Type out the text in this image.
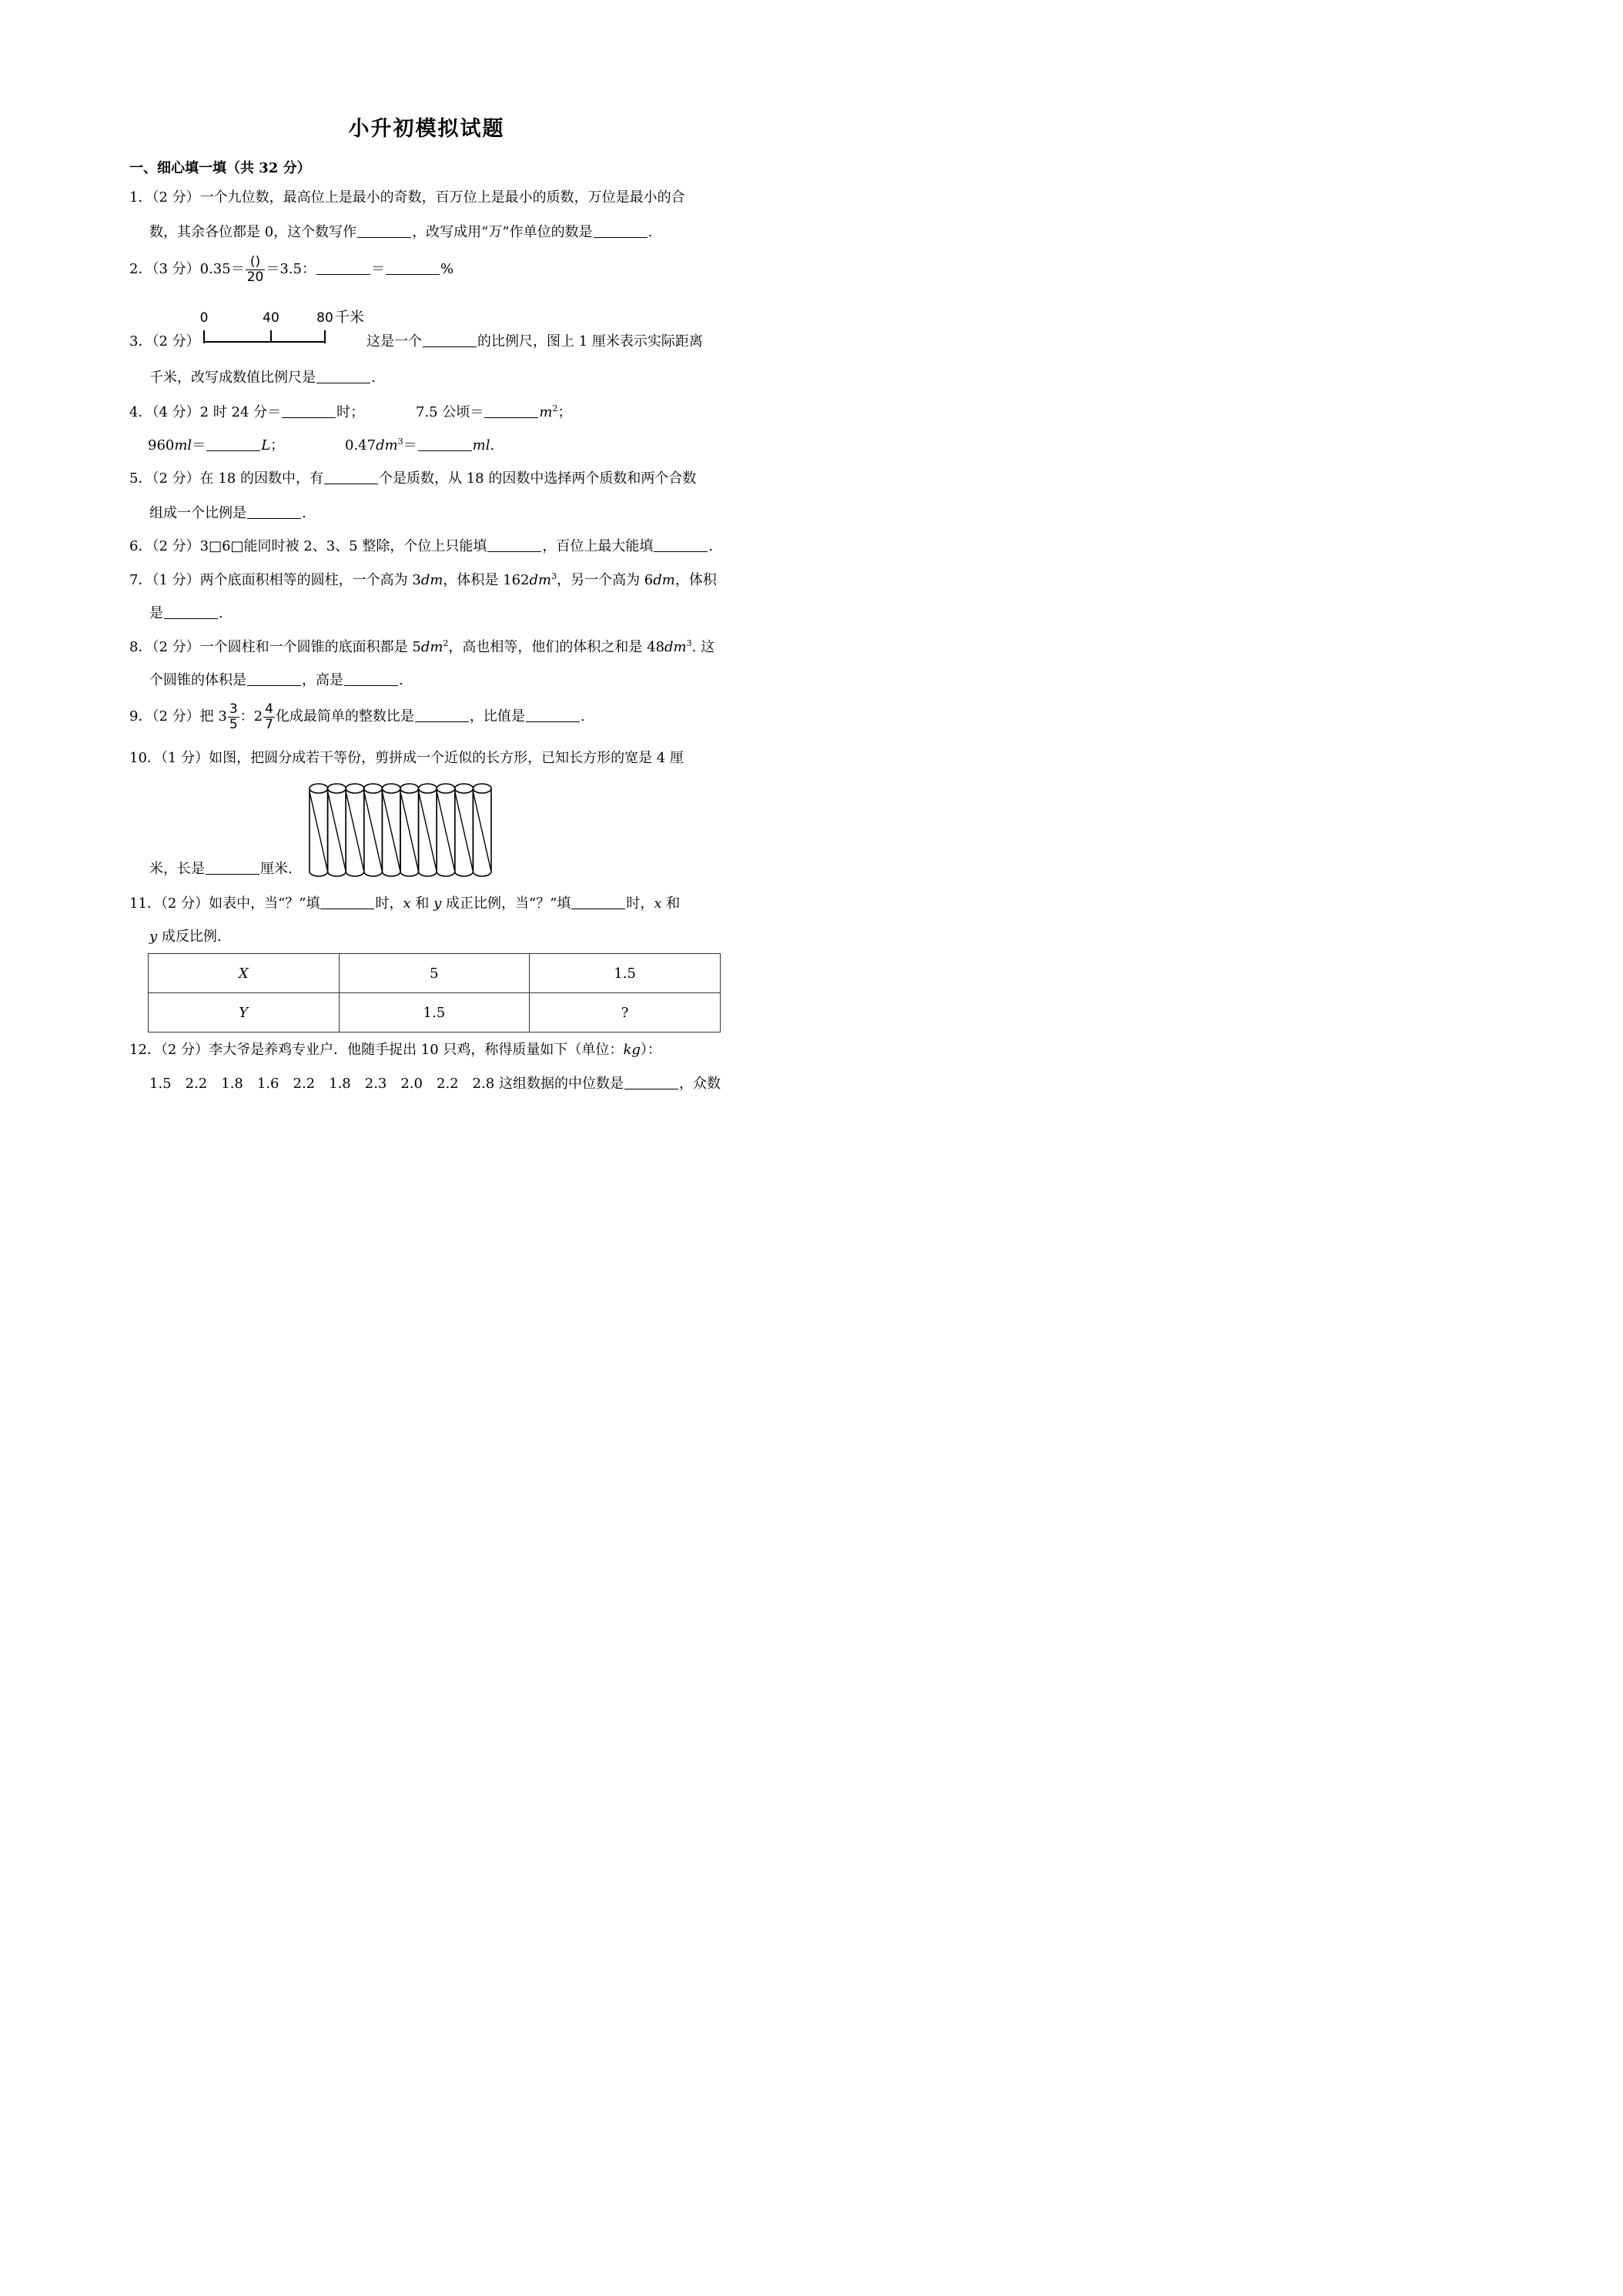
小升初模拟试题
一、细心填一填（共 32 分）
1．（2 分）一个九位数，最高位上是最小的奇数，百万位上是最小的质数，万位是最小的合
数，其余各位都是 0，这个数写作	，改写成用“万”作单位的数是	.
2．（3 分）$0.35= \frac{()}{20} =3.5$：	＝	%
0	40	80 千米
3．（2 分）	这是一个	的比例尺，图上 1 厘米表示实际距离
千米，改写成数值比例尺是	.
4．（4 分）2 时 24 分＝	时；	7.5 公顷＝	$m^2$；
960ml＝	L；	$0.47dm^3=$	ml.
5．（2 分）在 18 的因数中，有	个是质数，从 18 的因数中选择两个质数和两个合数
组成一个比例是	.
6．（2 分）3□6□能同时被 2、3、5 整除，个位上只能填	，百位上最大能填	.
7．（1 分）两个底面积相等的圆柱，一个高为 3dm，体积是 $162dm^3$，另一个高为 6dm，体积
是	.
8．（2 分）一个圆柱和一个圆锥的底面积都是 $5dm^2$，高也相等，他们的体积之和是 $48dm^3$. 这
个圆锥的体积是	，高是	.
9．（2 分）把 $3 \frac{3}{5}$ ：$2 \frac{4}{7}$ 化成最简单的整数比是	，比值是	.
10．（1 分）如图，把圆分成若干等份，剪拼成一个近似的长方形，已知长方形的宽是 4 厘
米，长是	厘米.
11．（2 分）如表中，当“？”填	时，x 和 y 成正比例，当“？”填	时，x 和
y 成反比例.
X	5	1.5
Y	1.5	?
12．（2 分）李大爷是养鸡专业户．他随手捉出 10 只鸡，称得质量如下（单位：kg）：
1.5　2.2　1.8　1.6　2.2　1.8　2.3　2.0　2.2　2.8 这组数据的中位数是	，众数
